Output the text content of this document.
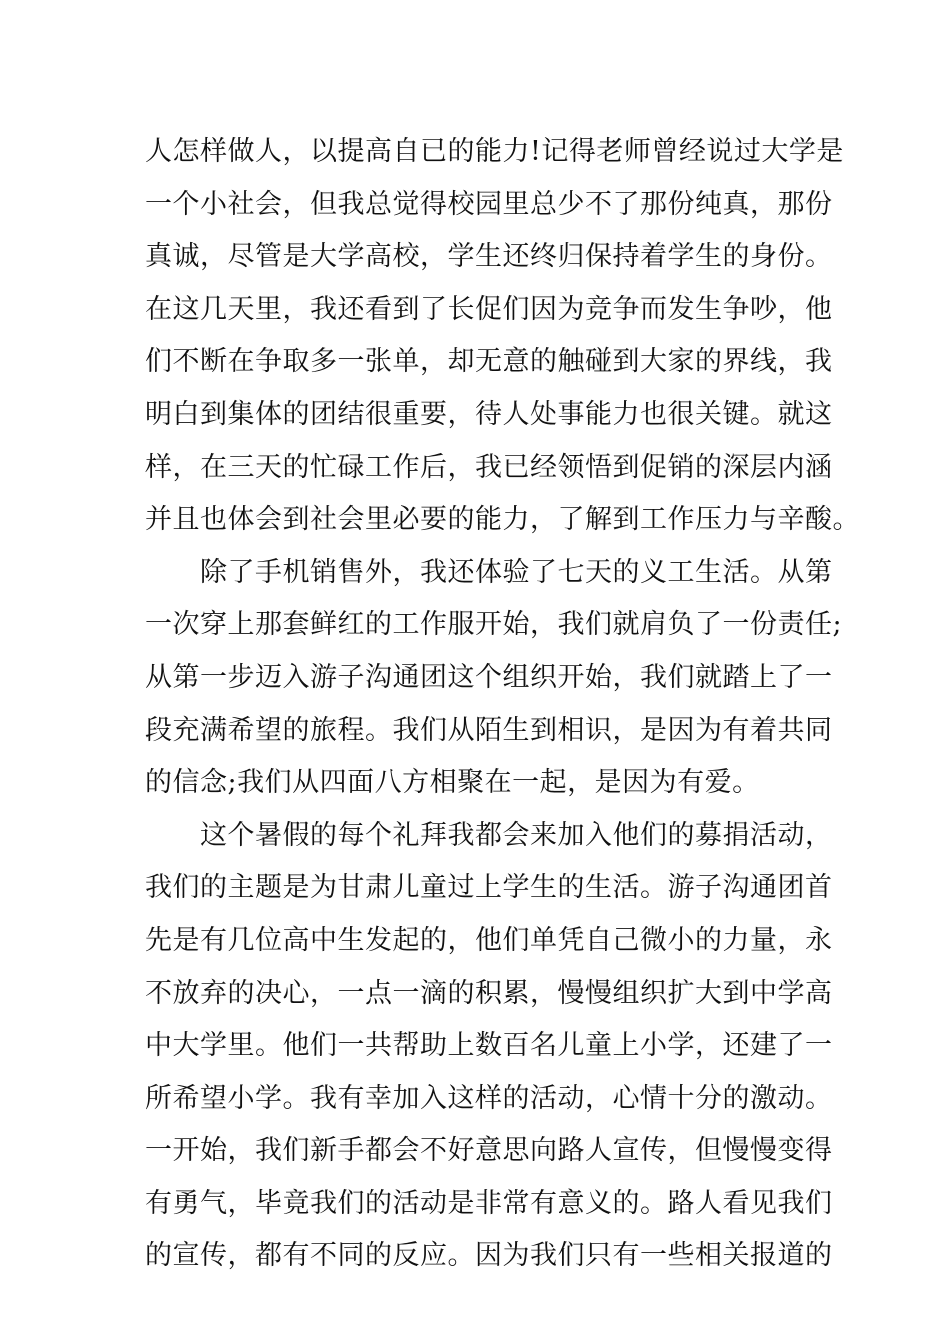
人怎样做人，以提高自已的能力!记得老师曾经说过大学是
一个小社会，但我总觉得校园里总少不了那份纯真，那份
真诚，尽管是大学高校，学生还终归保持着学生的身份。
在这几天里，我还看到了长促们因为竞争而发生争吵，他
们不断在争取多一张单，却无意的触碰到大家的界线，我
明白到集体的团结很重要，待人处事能力也很关键。就这
样，在三天的忙碌工作后，我已经领悟到促销的深层内涵
并且也体会到社会里必要的能力，了解到工作压力与辛酸。
除了手机销售外，我还体验了七天的义工生活。从第
一次穿上那套鲜红的工作服开始，我们就肩负了一份责任;
从第一步迈入游子沟通团这个组织开始，我们就踏上了一
段充满希望的旅程。我们从陌生到相识，是因为有着共同
的信念;我们从四面八方相聚在一起，是因为有爱。
这个暑假的每个礼拜我都会来加入他们的募捐活动，
我们的主题是为甘肃儿童过上学生的生活。游子沟通团首
先是有几位高中生发起的，他们单凭自己微小的力量，永
不放弃的决心，一点一滴的积累，慢慢组织扩大到中学高
中大学里。他们一共帮助上数百名儿童上小学，还建了一
所希望小学。我有幸加入这样的活动，心情十分的激动。
一开始，我们新手都会不好意思向路人宣传，但慢慢变得
有勇气，毕竟我们的活动是非常有意义的。路人看见我们
的宣传，都有不同的反应。因为我们只有一些相关报道的
